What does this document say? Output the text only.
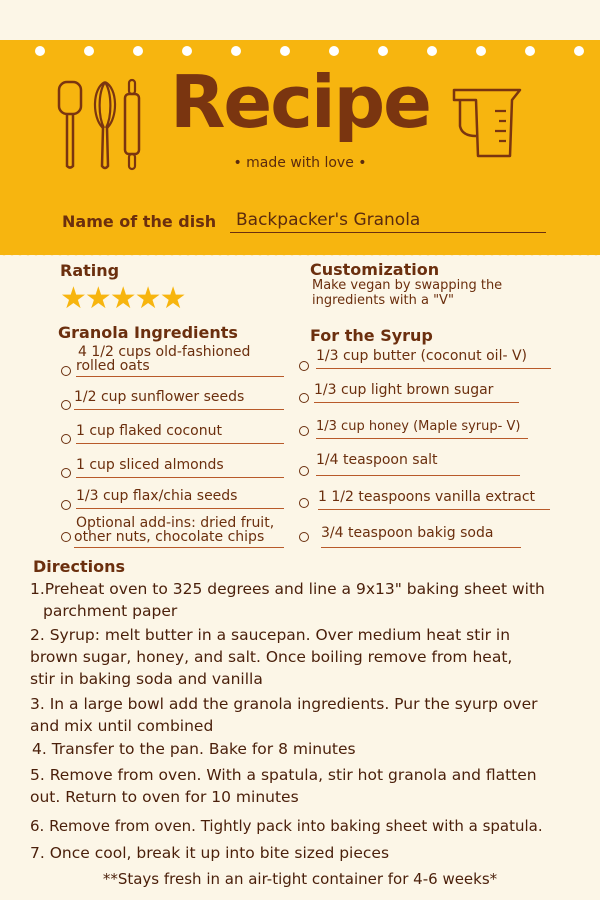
Recipe
• made with love •
Name of the dish	Backpacker's Granola
Rating
★★★★★
Customization
Make vegan by swapping the
ingredients with a "V"
Granola Ingredients
4 1/2 cups old-fashioned
rolled oats
1/2 cup sunflower seeds
1 cup flaked coconut
1 cup sliced almonds
1/3 cup flax/chia seeds
Optional add-ins: dried fruit,
other nuts, chocolate chips
For the Syrup
1/3 cup butter (coconut oil- V)
1/3 cup light brown sugar
1/3 cup honey (Maple syrup- V)
1/4 teaspoon salt
1 1/2 teaspoons vanilla extract
3/4 teaspoon bakig soda
Directions
1.Preheat oven to 325 degrees and line a 9x13" baking sheet with
parchment paper
2. Syrup: melt butter in a saucepan. Over medium heat stir in
brown sugar, honey, and salt. Once boiling remove from heat,
stir in baking soda and vanilla
3. In a large bowl add the granola ingredients. Pur the syurp over
and mix until combined
4. Transfer to the pan. Bake for 8 minutes
5. Remove from oven. With a spatula, stir hot granola and flatten
out. Return to oven for 10 minutes
6. Remove from oven. Tightly pack into baking sheet with a spatula.
7. Once cool, break it up into bite sized pieces
**Stays fresh in an air-tight container for 4-6 weeks*
